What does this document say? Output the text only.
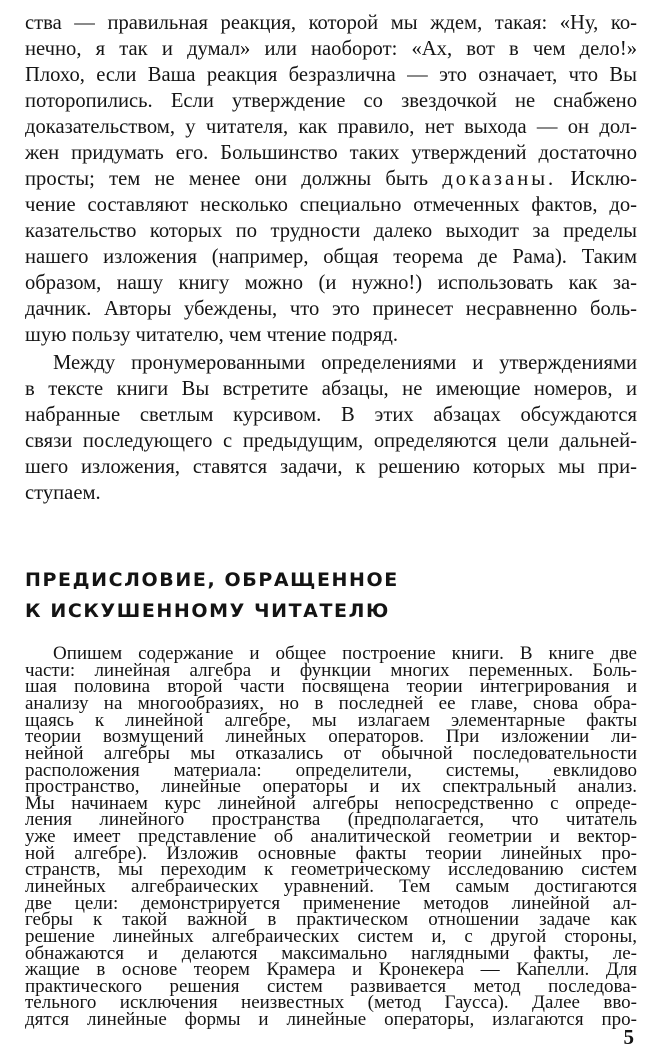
ства — правильная реакция, которой мы ждем, такая: «Ну, ко-
нечно, я так и думал» или наоборот: «Ах, вот в чем дело!»
Плохо, если Ваша реакция безразлична — это означает, что Вы
поторопились. Если утверждение со звездочкой не снабжено
доказательством, у читателя, как правило, нет выхода — он дол-
жен придумать его. Большинство таких утверждений достаточно
просты; тем не менее они должны быть доказаны. Исклю-
чение составляют несколько специально отмеченных фактов, до-
казательство которых по трудности далеко выходит за пределы
нашего изложения (например, общая теорема де Рама). Таким
образом, нашу книгу можно (и нужно!) использовать как за-
дачник. Авторы убеждены, что это принесет несравненно боль-
шую пользу читателю, чем чтение подряд.
Между пронумерованными определениями и утверждениями
в тексте книги Вы встретите абзацы, не имеющие номеров, и
набранные светлым курсивом. В этих абзацах обсуждаются
связи последующего с предыдущим, определяются цели дальней-
шего изложения, ставятся задачи, к решению которых мы при-
ступаем.
ПРЕДИСЛОВИЕ, ОБРАЩЕННОЕ
К ИСКУШЕННОМУ ЧИТАТЕЛЮ
Опишем содержание и общее построение книги. В книге две
части: линейная алгебра и функции многих переменных. Боль-
шая половина второй части посвящена теории интегрирования и
анализу на многообразиях, но в последней ее главе, снова обра-
щаясь к линейной алгебре, мы излагаем элементарные факты
теории возмущений линейных операторов. При изложении ли-
нейной алгебры мы отказались от обычной последовательности
расположения материала: определители, системы, евклидово
пространство, линейные операторы и их спектральный анализ.
Мы начинаем курс линейной алгебры непосредственно с опреде-
ления линейного пространства (предполагается, что читатель
уже имеет представление об аналитической геометрии и вектор-
ной алгебре). Изложив основные факты теории линейных про-
странств, мы переходим к геометрическому исследованию систем
линейных алгебраических уравнений. Тем самым достигаются
две цели: демонстрируется применение методов линейной ал-
гебры к такой важной в практическом отношении задаче как
решение линейных алгебраических систем и, с другой стороны,
обнажаются и делаются максимально наглядными факты, ле-
жащие в основе теорем Крамера и Кронекера — Капелли. Для
практического решения систем развивается метод последова-
тельного исключения неизвестных (метод Гаусса). Далее вво-
дятся линейные формы и линейные операторы, излагаются про-
5
